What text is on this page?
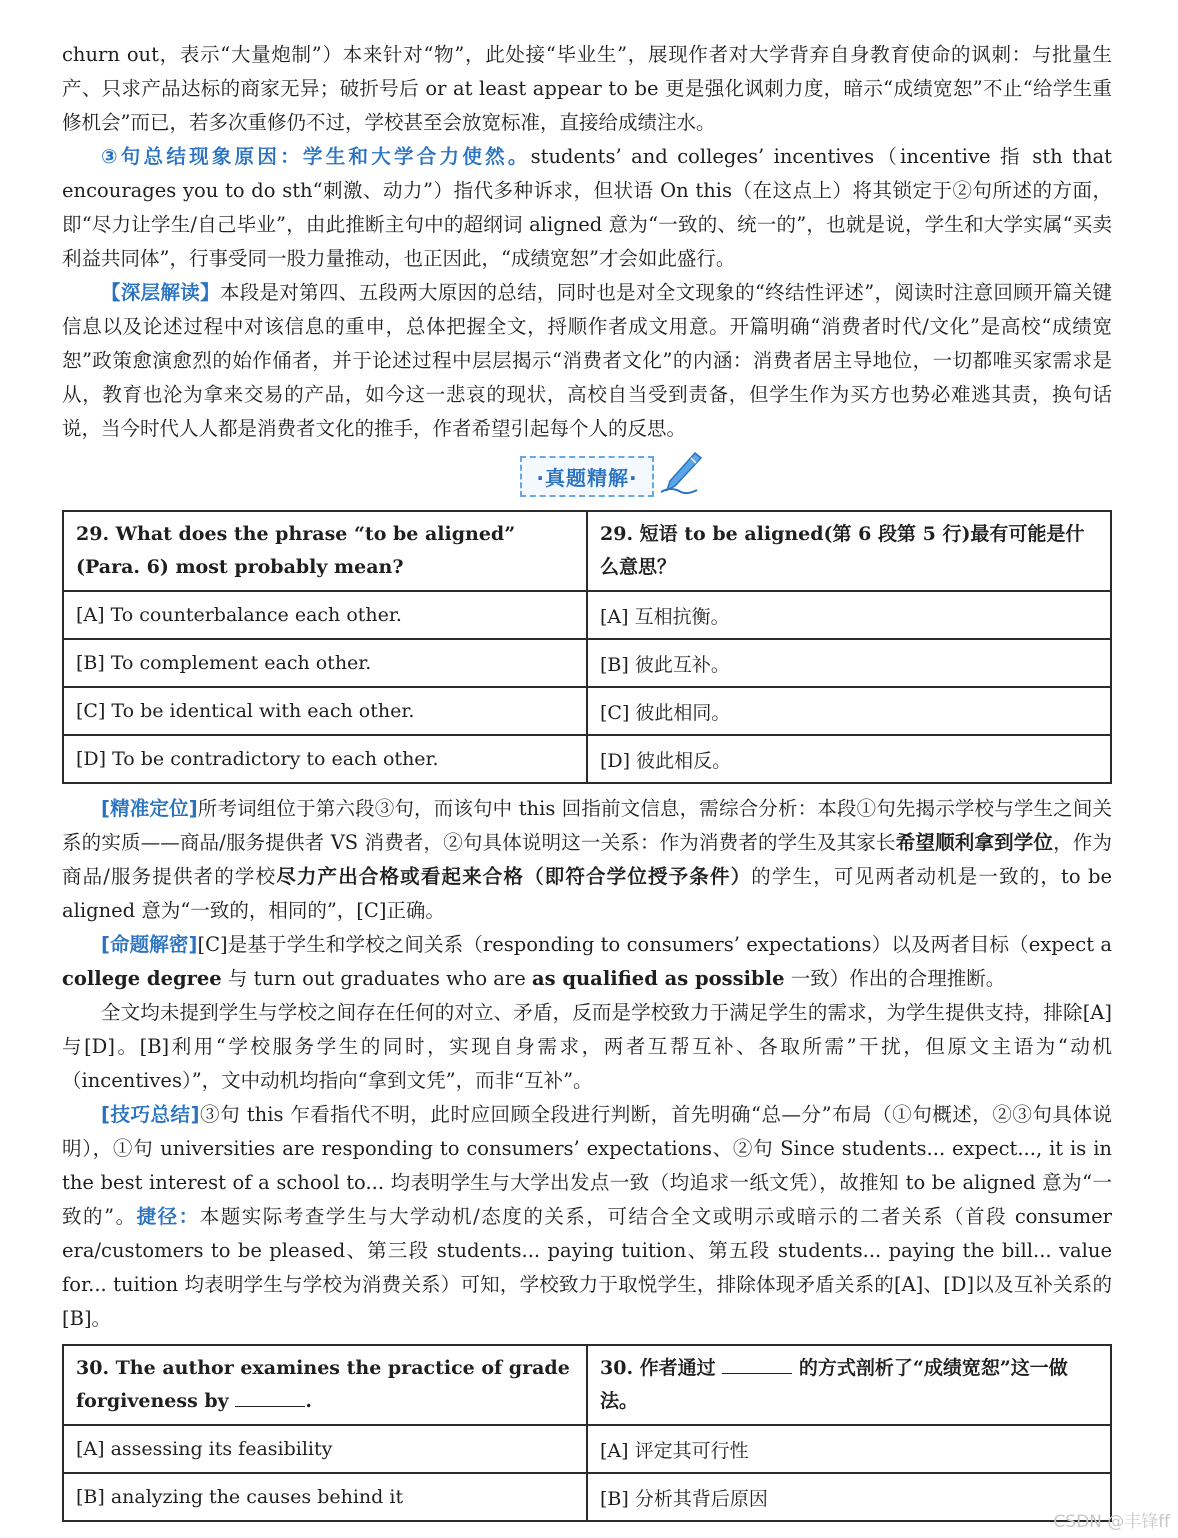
churn out，表示“大量炮制”）本来针对“物”，此处接“毕业生”，展现作者对大学背弃自身教育使命的讽刺：与批量生产、只求产品达标的商家无异；破折号后 or at least appear to be 更是强化讽刺力度，暗示“成绩宽恕”不止“给学生重修机会”而已，若多次重修仍不过，学校甚至会放宽标准，直接给成绩注水。

③句总结现象原因：学生和大学合力使然。students’ and colleges’ incentives（incentive 指 sth that encourages you to do sth“刺激、动力”）指代多种诉求，但状语 On this（在这点上）将其锁定于②句所述的方面，即“尽力让学生/自己毕业”，由此推断主句中的超纲词 aligned 意为“一致的、统一的”，也就是说，学生和大学实属“买卖利益共同体”，行事受同一股力量推动，也正因此，“成绩宽恕”才会如此盛行。

【深层解读】本段是对第四、五段两大原因的总结，同时也是对全文现象的“终结性评述”，阅读时注意回顾开篇关键信息以及论述过程中对该信息的重申，总体把握全文，捋顺作者成文用意。开篇明确“消费者时代/文化”是高校“成绩宽恕”政策愈演愈烈的始作俑者，并于论述过程中层层揭示“消费者文化”的内涵：消费者居主导地位，一切都唯买家需求是从，教育也沦为拿来交易的产品，如今这一悲哀的现状，高校自当受到责备，但学生作为买方也势必难逃其责，换句话说，当今时代人人都是消费者文化的推手，作者希望引起每个人的反思。

·真题精解·
29. What does the phrase “to be aligned” (Para. 6) most probably mean?	29. 短语 to be aligned(第 6 段第 5 行)最有可能是什么意思？
[A] To counterbalance each other.	[A] 互相抗衡。
[B] To complement each other.	[B] 彼此互补。
[C] To be identical with each other.	[C] 彼此相同。
[D] To be contradictory to each other.	[D] 彼此相反。

[精准定位]所考词组位于第六段③句，而该句中 this 回指前文信息，需综合分析：本段①句先揭示学校与学生之间关系的实质——商品/服务提供者 VS 消费者，②句具体说明这一关系：作为消费者的学生及其家长希望顺利拿到学位，作为商品/服务提供者的学校尽力产出合格或看起来合格（即符合学位授予条件）的学生，可见两者动机是一致的，to be aligned 意为“一致的，相同的”，[C]正确。

[命题解密][C]是基于学生和学校之间关系（responding to consumers’ expectations）以及两者目标（expect a college degree 与 turn out graduates who are as qualified as possible 一致）作出的合理推断。

全文均未提到学生与学校之间存在任何的对立、矛盾，反而是学校致力于满足学生的需求，为学生提供支持，排除[A]与[D]。[B]利用“学校服务学生的同时，实现自身需求，两者互帮互补、各取所需”干扰，但原文主语为“动机（incentives）”，文中动机均指向“拿到文凭”，而非“互补”。

[技巧总结]③句 this 乍看指代不明，此时应回顾全段进行判断，首先明确“总—分”布局（①句概述，②③句具体说明），①句 universities are responding to consumers’ expectations、②句 Since students... expect..., it is in the best interest of a school to... 均表明学生与大学出发点一致（均追求一纸文凭），故推知 to be aligned 意为“一致的”。捷径：本题实际考查学生与大学动机/态度的关系，可结合全文或明示或暗示的二者关系（首段 consumer era/customers to be pleased、第三段 students... paying tuition、第五段 students... paying the bill... value for... tuition 均表明学生与学校为消费关系）可知，学校致力于取悦学生，排除体现矛盾关系的[A]、[D]以及互补关系的[B]。

30. The author examines the practice of grade forgiveness by .	30. 作者通过 的方式剖析了“成绩宽恕”这一做法。
[A] assessing its feasibility	[A] 评定其可行性
[B] analyzing the causes behind it	[B] 分析其背后原因
CSDN @丰锋ff
